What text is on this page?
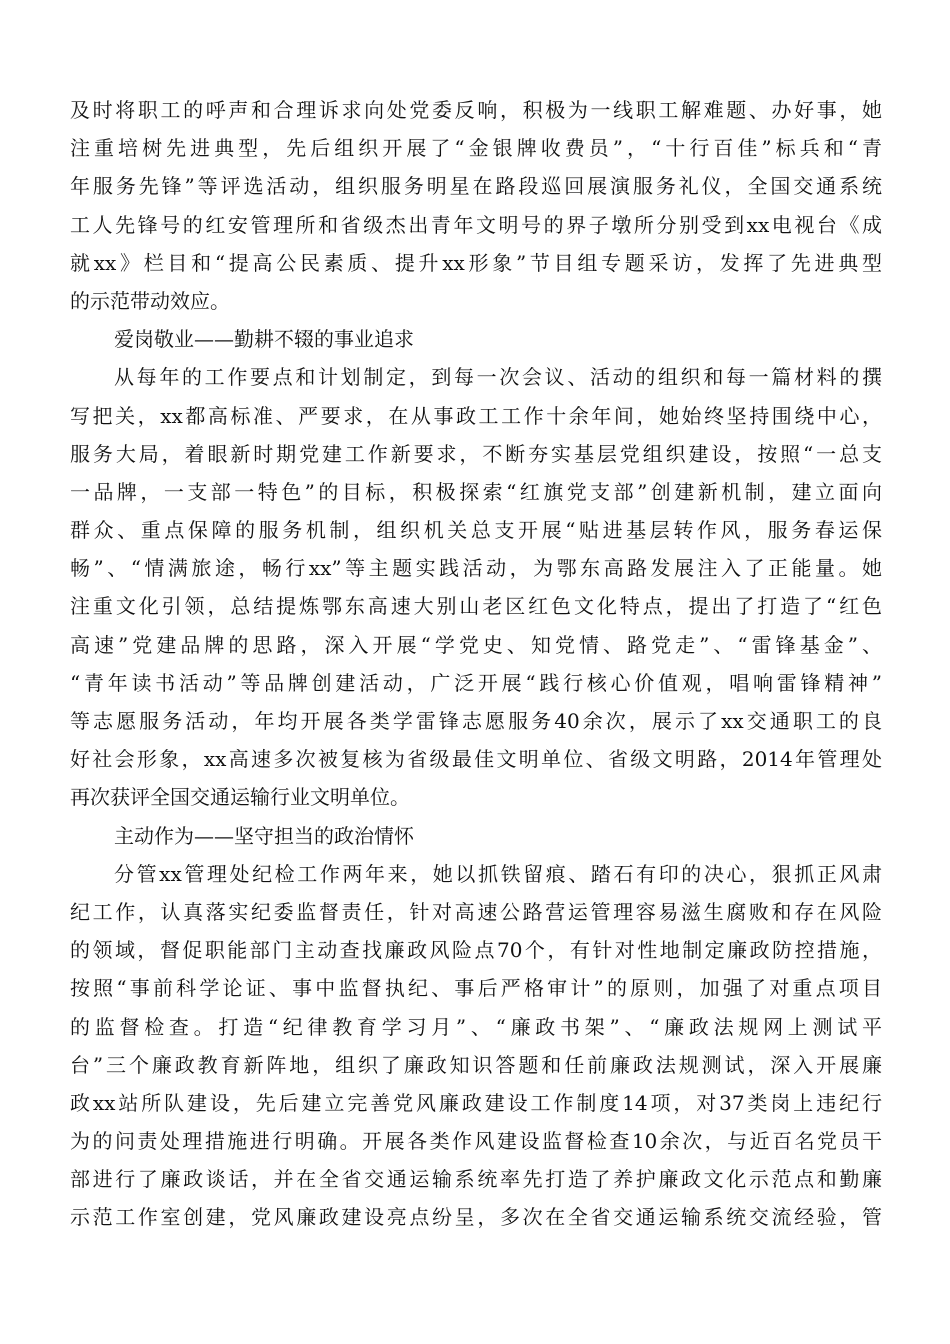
及时将职工的呼声和合理诉求向处党委反响，积极为一线职工解难题、办好事，她
注重培树先进典型，先后组织开展了“金银牌收费员”，“十行百佳”标兵和“青
年服务先锋”等评选活动，组织服务明星在路段巡回展演服务礼仪，全国交通系统
工人先锋号的红安管理所和省级杰出青年文明号的界子墩所分别受到xx电视台《成
就xx》栏目和“提高公民素质、提升xx形象”节目组专题采访，发挥了先进典型
的示范带动效应。
爱岗敬业——勤耕不辍的事业追求
从每年的工作要点和计划制定，到每一次会议、活动的组织和每一篇材料的撰
写把关，xx都高标准、严要求，在从事政工工作十余年间，她始终坚持围绕中心，
服务大局，着眼新时期党建工作新要求，不断夯实基层党组织建设，按照“一总支
一品牌，一支部一特色”的目标，积极探索“红旗党支部”创建新机制，建立面向
群众、重点保障的服务机制，组织机关总支开展“贴进基层转作风，服务春运保
畅”、“情满旅途，畅行xx”等主题实践活动，为鄂东高路发展注入了正能量。她
注重文化引领，总结提炼鄂东高速大别山老区红色文化特点，提出了打造了“红色
高速”党建品牌的思路，深入开展“学党史、知党情、路党走”、“雷锋基金”、
“青年读书活动”等品牌创建活动，广泛开展“践行核心价值观，唱响雷锋精神”
等志愿服务活动，年均开展各类学雷锋志愿服务40余次，展示了xx交通职工的良
好社会形象，xx高速多次被复核为省级最佳文明单位、省级文明路，2014年管理处
再次获评全国交通运输行业文明单位。
主动作为——坚守担当的政治情怀
分管xx管理处纪检工作两年来，她以抓铁留痕、踏石有印的决心，狠抓正风肃
纪工作，认真落实纪委监督责任，针对高速公路营运管理容易滋生腐败和存在风险
的领域，督促职能部门主动查找廉政风险点70个，有针对性地制定廉政防控措施，
按照“事前科学论证、事中监督执纪、事后严格审计”的原则，加强了对重点项目
的监督检查。打造“纪律教育学习月”、“廉政书架”、“廉政法规网上测试平
台”三个廉政教育新阵地，组织了廉政知识答题和任前廉政法规测试，深入开展廉
政xx站所队建设，先后建立完善党风廉政建设工作制度14项，对37类岗上违纪行
为的问责处理措施进行明确。开展各类作风建设监督检查10余次，与近百名党员干
部进行了廉政谈话，并在全省交通运输系统率先打造了养护廉政文化示范点和勤廉
示范工作室创建，党风廉政建设亮点纷呈，多次在全省交通运输系统交流经验，管
